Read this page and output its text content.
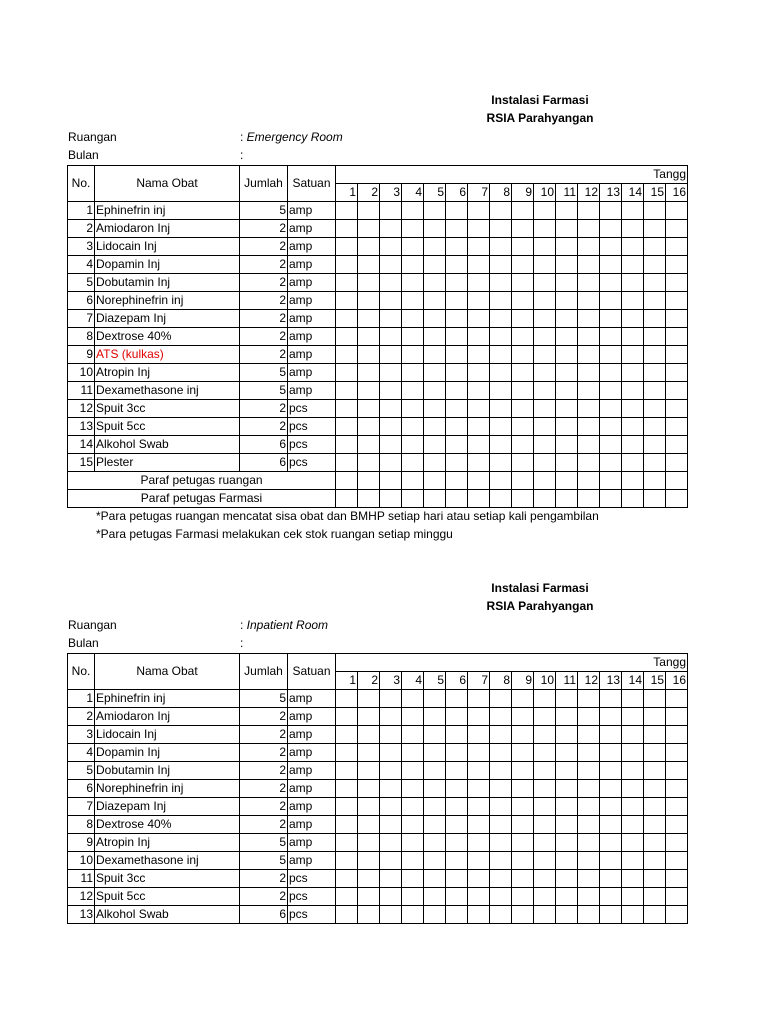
Instalasi Farmasi
RSIA Parahyangan
Ruangan	: Emergency Room
Bulan	:
No.	Nama Obat	Jumlah	Satuan	Tangg															
				1	2	3	4	5	6	7	8	9	10	11	12	13	14	15	16
1	Ephinefrin inj	5	amp																
2	Amiodaron Inj	2	amp																
3	Lidocain Inj	2	amp																
4	Dopamin Inj	2	amp																
5	Dobutamin Inj	2	amp																
6	Norephinefrin inj	2	amp																
7	Diazepam Inj	2	amp																
8	Dextrose 40%	2	amp																
9	ATS (kulkas)	2	amp																
10	Atropin Inj	5	amp																
11	Dexamethasone inj	5	amp																
12	Spuit 3cc	2	pcs																
13	Spuit 5cc	2	pcs																
14	Alkohol Swab	6	pcs																
15	Plester	6	pcs																
Paraf petugas ruangan																			
Paraf petugas Farmasi																			
*Para petugas ruangan mencatat sisa obat dan BMHP setiap hari atau setiap kali pengambilan
*Para petugas Farmasi melakukan cek stok ruangan setiap minggu
Instalasi Farmasi
RSIA Parahyangan
Ruangan	: Inpatient Room
Bulan	:
No.	Nama Obat	Jumlah	Satuan	Tangg															
				1	2	3	4	5	6	7	8	9	10	11	12	13	14	15	16
1	Ephinefrin inj	5	amp																
2	Amiodaron Inj	2	amp																
3	Lidocain Inj	2	amp																
4	Dopamin Inj	2	amp																
5	Dobutamin Inj	2	amp																
6	Norephinefrin inj	2	amp																
7	Diazepam Inj	2	amp																
8	Dextrose 40%	2	amp																
9	Atropin Inj	5	amp																
10	Dexamethasone inj	5	amp																
11	Spuit 3cc	2	pcs																
12	Spuit 5cc	2	pcs																
13	Alkohol Swab	6	pcs																
